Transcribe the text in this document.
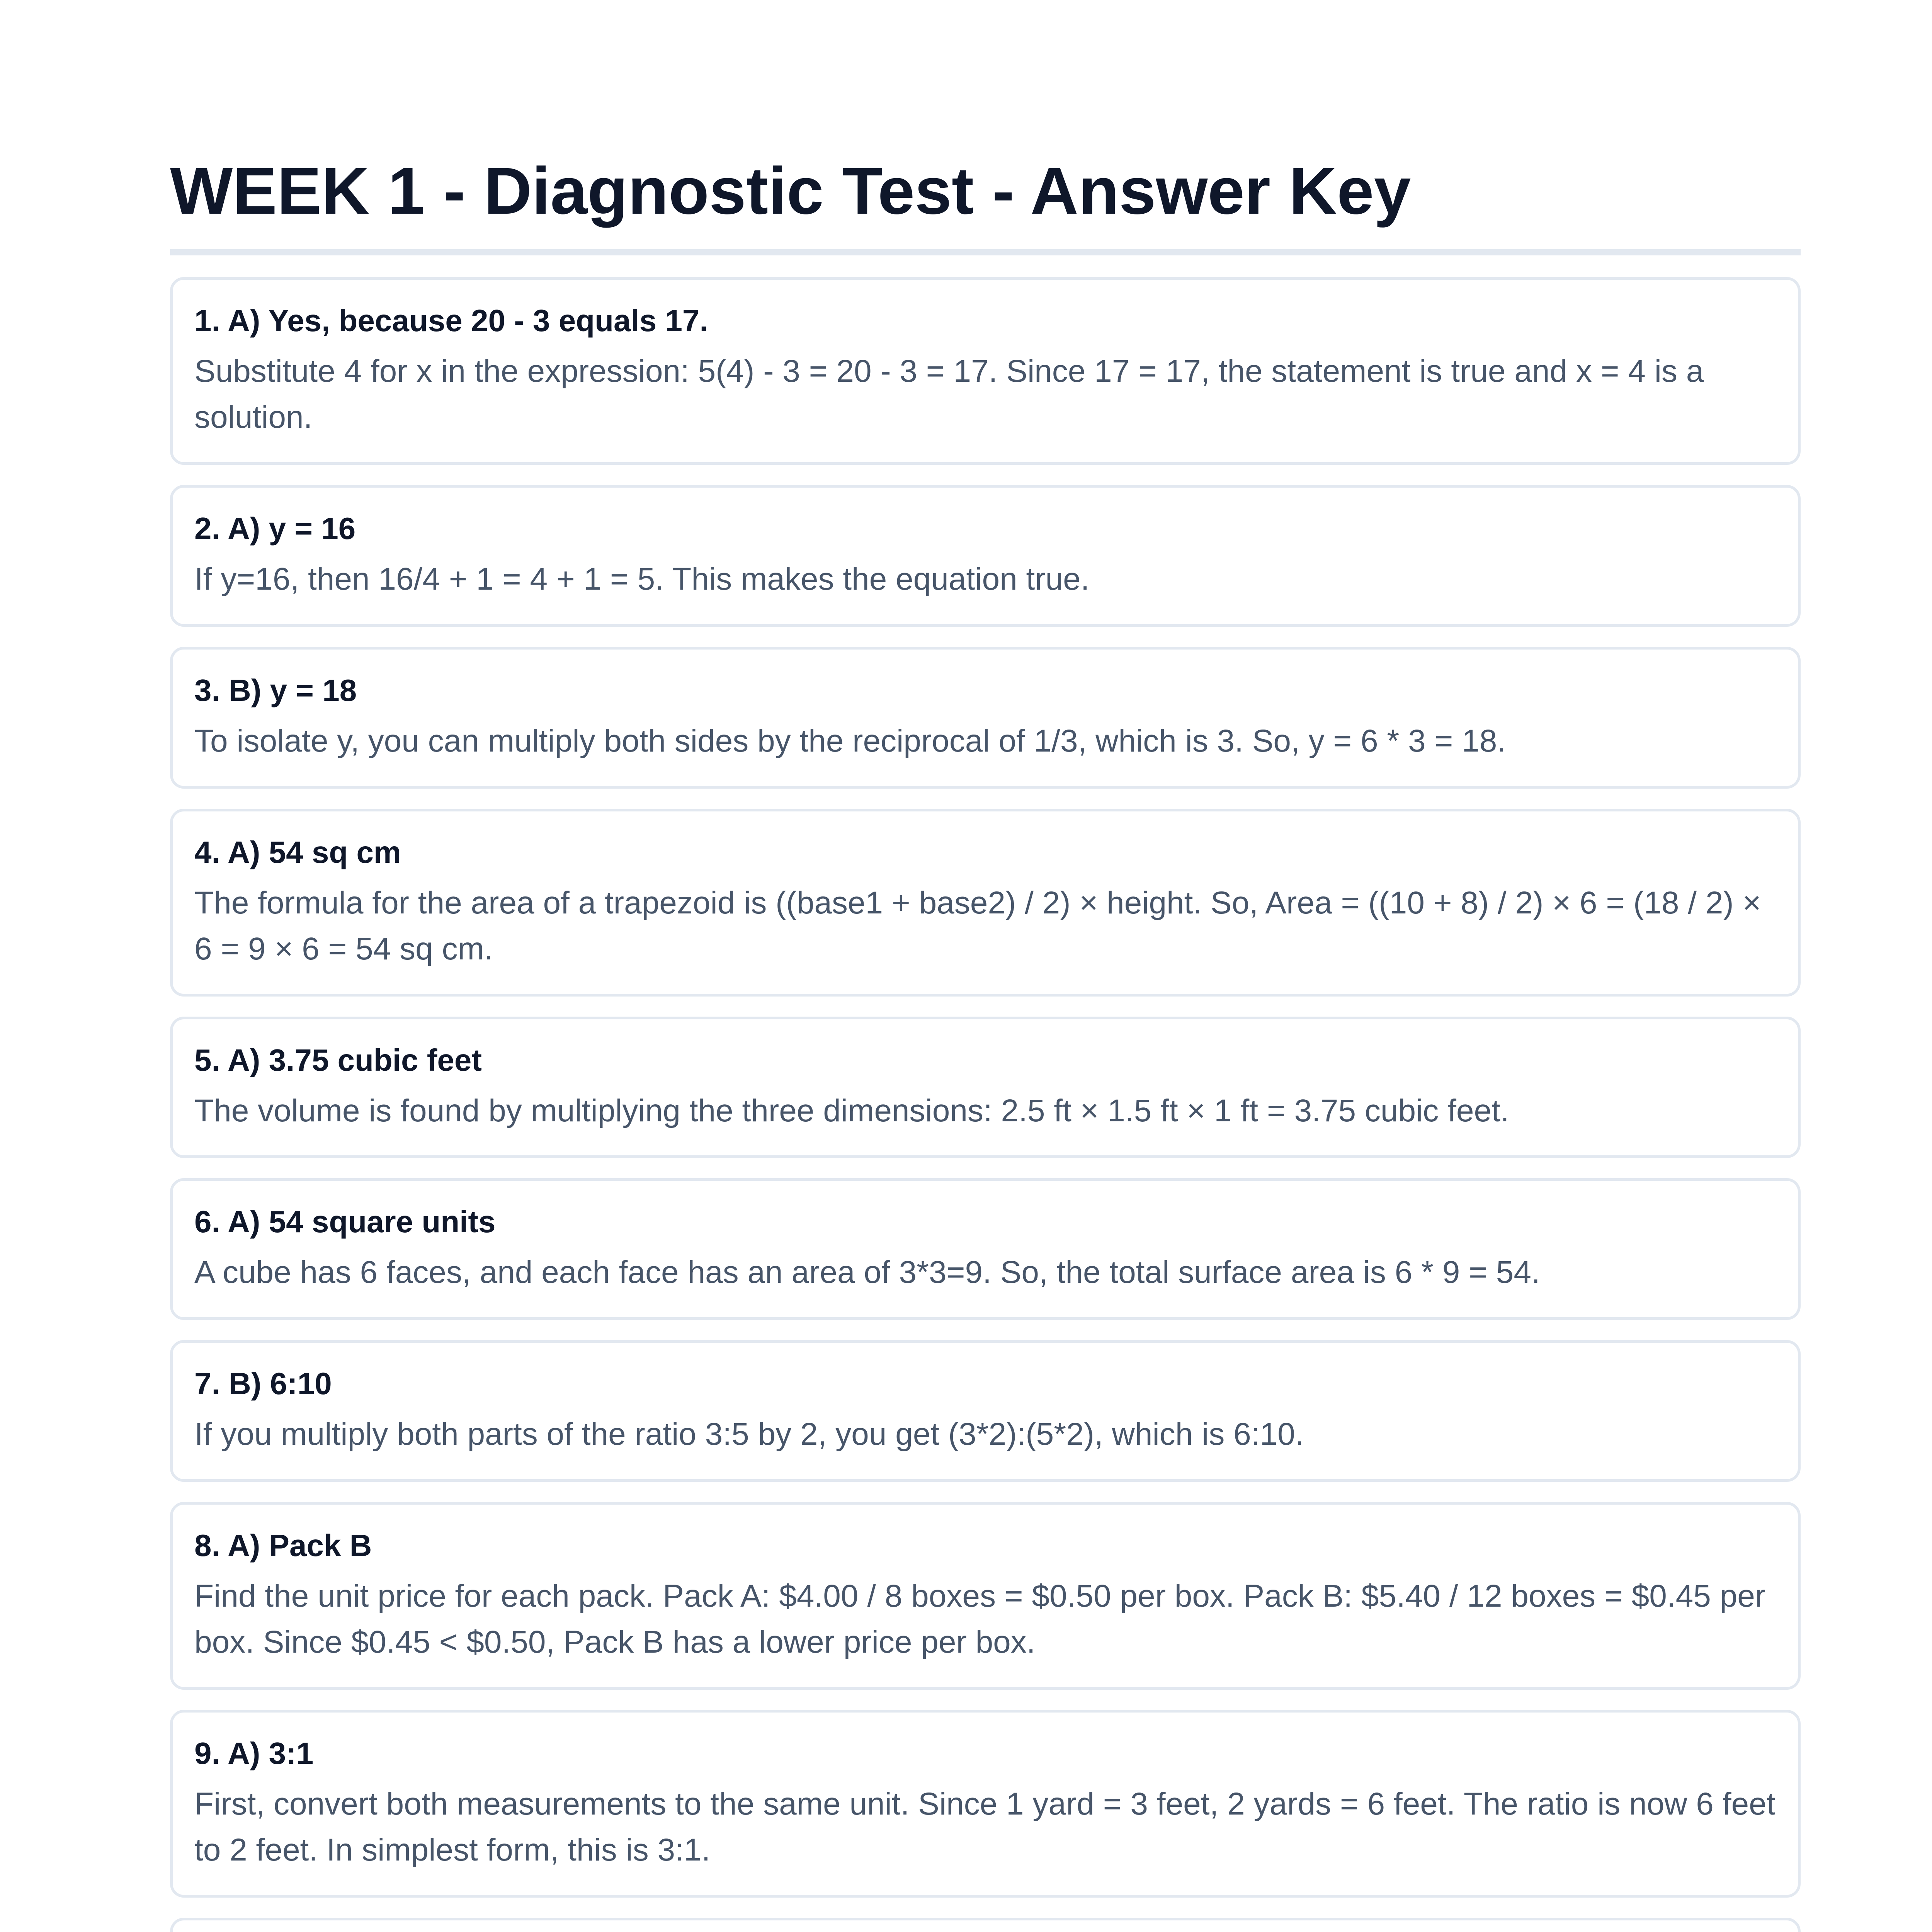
WEEK 1 - Diagnostic Test - Answer Key
1. A) Yes, because 20 - 3 equals 17.

Substitute 4 for x in the expression: 5(4) - 3 = 20 - 3 = 17. Since 17 = 17, the statement is true and x = 4 is a solution.

2. A) y = 16

If y=16, then 16/4 + 1 = 4 + 1 = 5. This makes the equation true.

3. B) y = 18

To isolate y, you can multiply both sides by the reciprocal of 1/3, which is 3. So, y = 6 * 3 = 18.

4. A) 54 sq cm

The formula for the area of a trapezoid is ((base1 + base2) / 2) × height. So, Area = ((10 + 8) / 2) × 6 = (18 / 2) × 6 = 9 × 6 = 54 sq cm.

5. A) 3.75 cubic feet

The volume is found by multiplying the three dimensions: 2.5 ft × 1.5 ft × 1 ft = 3.75 cubic feet.

6. A) 54 square units

A cube has 6 faces, and each face has an area of 3*3=9. So, the total surface area is 6 * 9 = 54.

7. B) 6:10

If you multiply both parts of the ratio 3:5 by 2, you get (3*2):(5*2), which is 6:10.

8. A) Pack B

Find the unit price for each pack. Pack A: $4.00 / 8 boxes = $0.50 per box. Pack B: $5.40 / 12 boxes = $0.45 per box. Since $0.45 < $0.50, Pack B has a lower price per box.

9. A) 3:1

First, convert both measurements to the same unit. Since 1 yard = 3 feet, 2 yards = 6 feet. The ratio is now 6 feet to 2 feet. In simplest form, this is 3:1.
